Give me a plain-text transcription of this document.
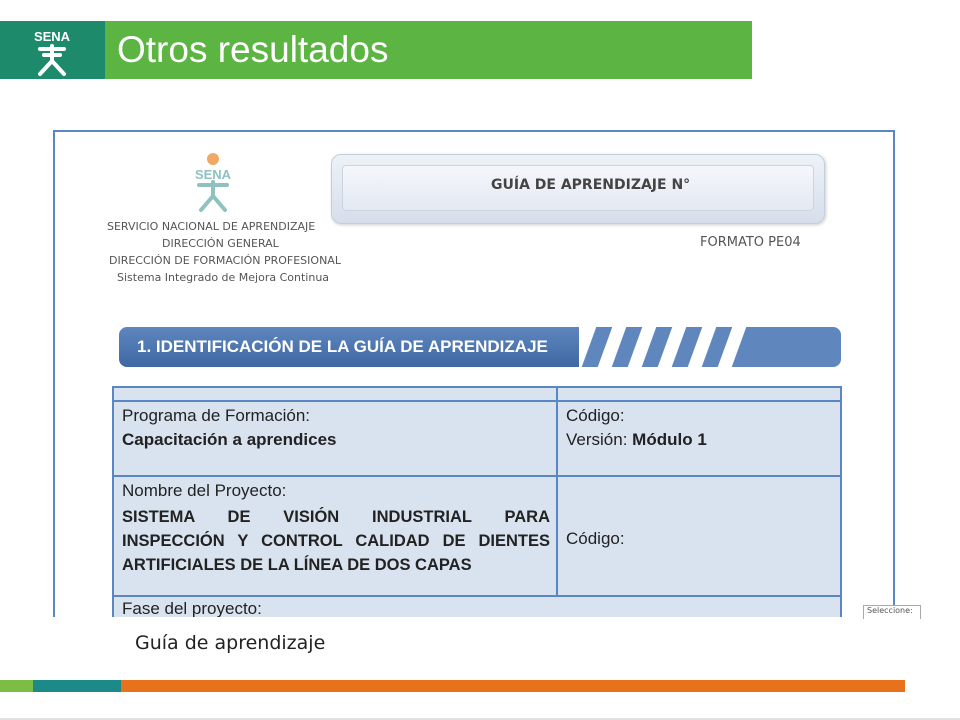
SENA Otros resultados
SENA
SERVICIO NACIONAL DE APRENDIZAJE
DIRECCIÓN GENERAL
DIRECCIÓN DE FORMACIÓN PROFESIONAL
Sistema Integrado de Mejora Continua
GUÍA DE APRENDIZAJE N°
FORMATO PE04
1. IDENTIFICACIÓN DE LA GUÍA DE APRENDIZAJE
Programa de Formación:
Capacitación a aprendices
Código:
Versión: Módulo 1
Nombre del Proyecto:
SISTEMA DE VISIÓN INDUSTRIAL PARA
INSPECCIÓN Y CONTROL CALIDAD DE DIENTES
ARTIFICIALES DE LA LÍNEA DE DOS CAPAS
Código:
Fase del proyecto:	Seleccione:
Guía de aprendizaje
